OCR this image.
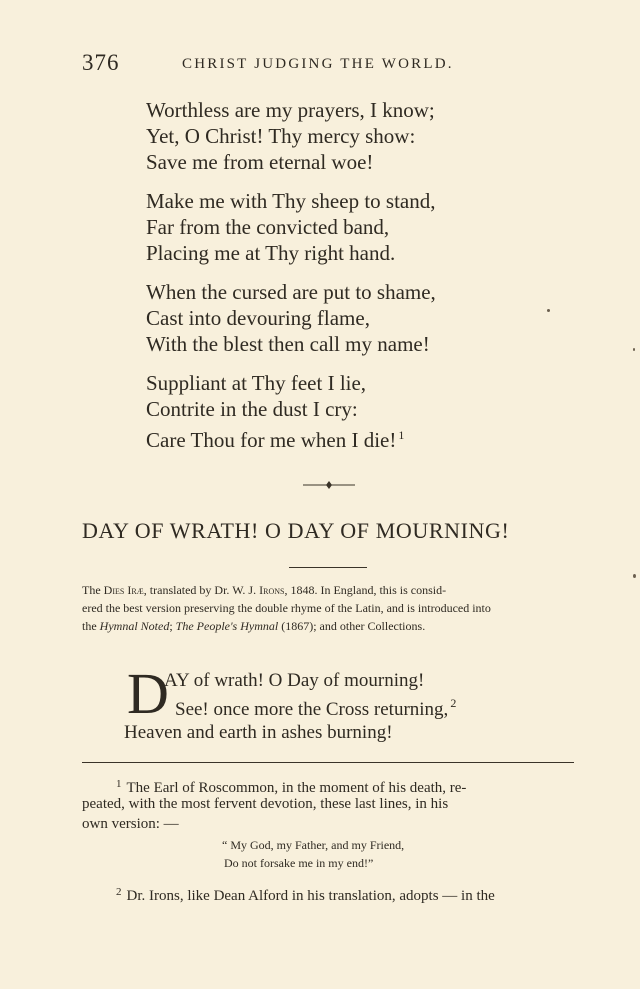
376	CHRIST JUDGING THE WORLD.
Worthless are my prayers, I know;
Yet, O Christ! Thy mercy show:
Save me from eternal woe!
Make me with Thy sheep to stand,
Far from the convicted band,
Placing me at Thy right hand.
When the cursed are put to shame,
Cast into devouring flame,
With the blest then call my name!
Suppliant at Thy feet I lie,
Contrite in the dust I cry:
Care Thou for me when I die! $^1$
DAY OF WRATH! O DAY OF MOURNING!
The Dies Iræ, translated by Dr. W. J. Irons, 1848. In England, this is consid-
ered the best version preserving the double rhyme of the Latin, and is introduced into
the Hymnal Noted; The People's Hymnal (1867); and other Collections.
D
AY of wrath! O Day of mourning!
See! once more the Cross returning, $^2$
Heaven and earth in ashes burning!
$^1$ The Earl of Roscommon, in the moment of his death, re-
peated, with the most fervent devotion, these last lines, in his
own version: —
“ My God, my Father, and my Friend,
Do not forsake me in my end!”
$^2$ Dr. Irons, like Dean Alford in his translation, adopts — in the
